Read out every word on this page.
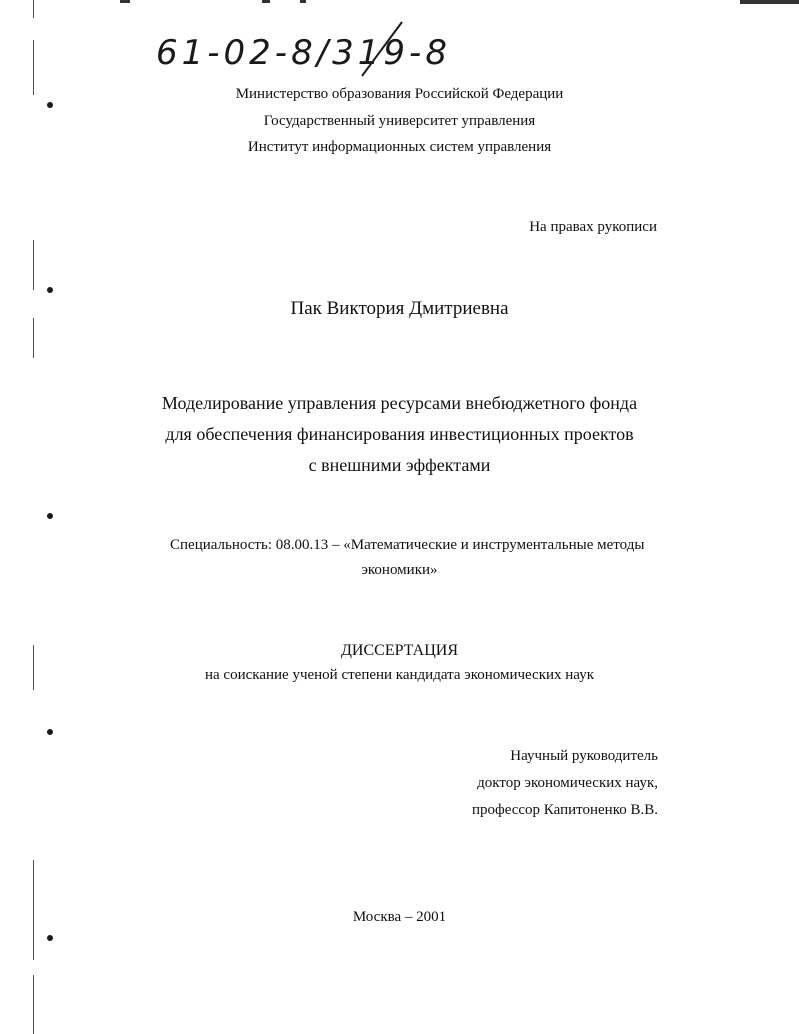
61-02-8/319-8
Министерство образования Российской Федерации
Государственный университет управления
Институт информационных систем управления
На правах рукописи
Пак Виктория Дмитриевна
Моделирование управления ресурсами внебюджетного фонда
для обеспечения финансирования инвестиционных проектов
с внешними эффектами
Специальность: 08.00.13 – «Математические и инструментальные методы
экономики»
ДИССЕРТАЦИЯ
на соискание ученой степени кандидата экономических наук
Научный руководитель
доктор экономических наук,
профессор Капитоненко В.В.
Москва – 2001
